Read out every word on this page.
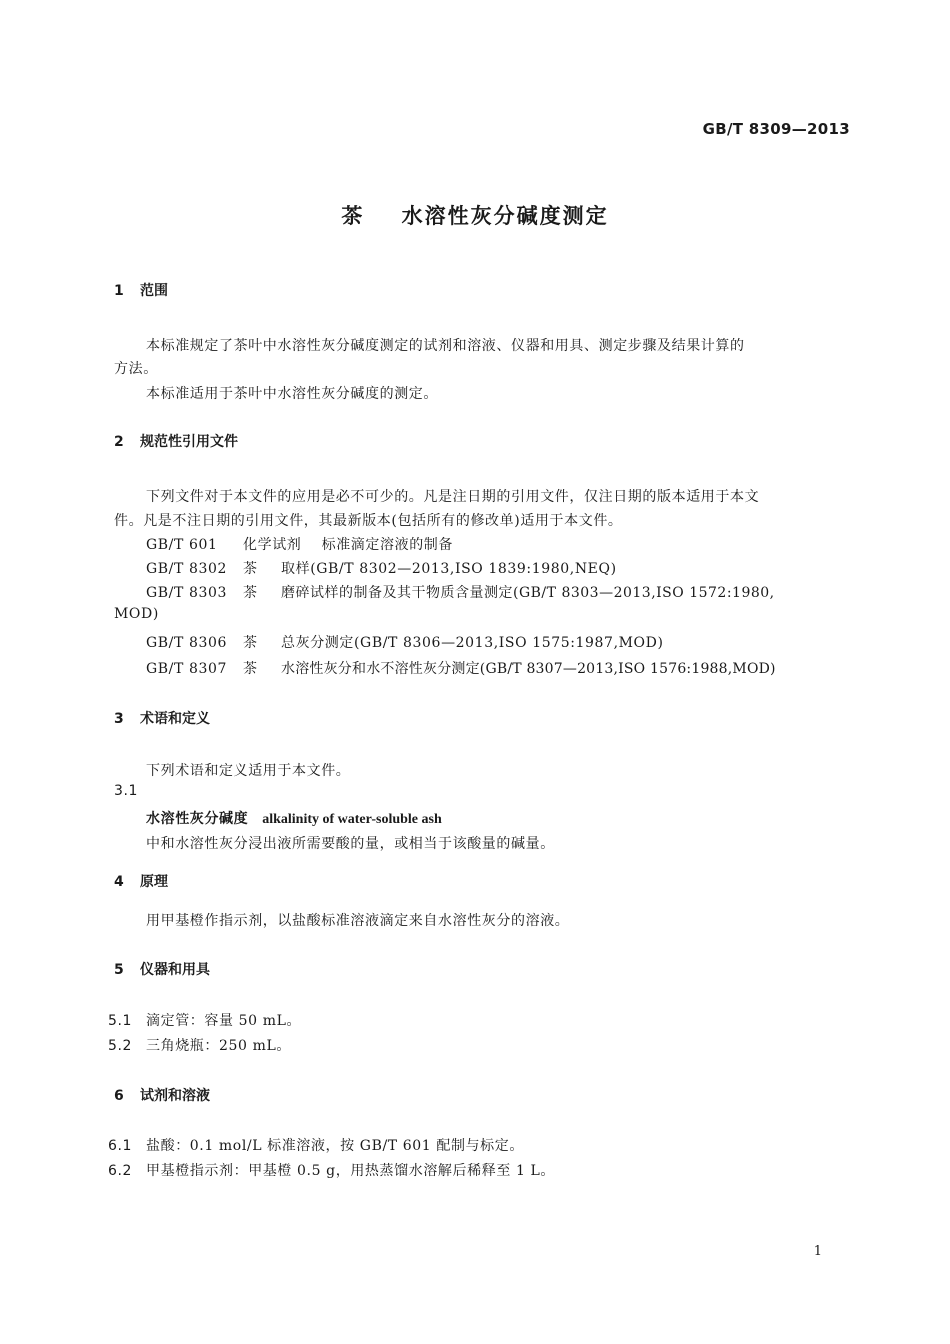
GB/T 8309—2013
茶    水溶性灰分碱度测定
1 范围
本标准规定了茶叶中水溶性灰分碱度测定的试剂和溶液、仪器和用具、测定步骤及结果计算的
方法。
本标准适用于茶叶中水溶性灰分碱度的测定。
2 规范性引用文件
下列文件对于本文件的应用是必不可少的。凡是注日期的引用文件，仅注日期的版本适用于本文
件。凡是不注日期的引用文件，其最新版本(包括所有的修改单)适用于本文件。
GB/T 601 化学试剂    标准滴定溶液的制备
GB/T 8302 茶 取样(GB/T 8302—2013,ISO 1839:1980,NEQ)
GB/T 8303 茶 磨碎试样的制备及其干物质含量测定(GB/T 8303—2013,ISO 1572:1980,
MOD)
GB/T 8306 茶 总灰分测定(GB/T 8306—2013,ISO 1575:1987,MOD)
GB/T 8307 茶 水溶性灰分和水不溶性灰分测定(GB/T 8307—2013,ISO 1576:1988,MOD)
3 术语和定义
下列术语和定义适用于本文件。
3.1
水溶性灰分碱度 alkalinity of water-soluble ash
中和水溶性灰分浸出液所需要酸的量，或相当于该酸量的碱量。
4 原理
用甲基橙作指示剂，以盐酸标准溶液滴定来自水溶性灰分的溶液。
5 仪器和用具
5.1 滴定管：容量 50 mL。
5.2 三角烧瓶：250 mL。
6 试剂和溶液
6.1 盐酸：0.1 mol/L 标准溶液，按 GB/T 601 配制与标定。
6.2 甲基橙指示剂：甲基橙 0.5 g，用热蒸馏水溶解后稀释至 1 L。
1
